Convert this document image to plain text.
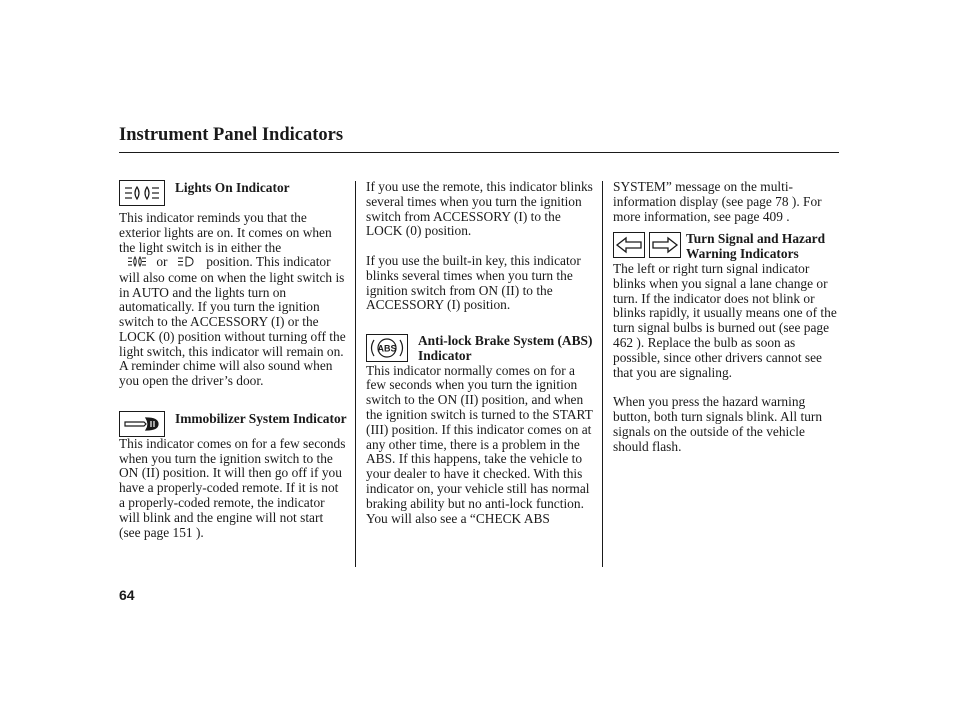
Instrument Panel Indicators
Lights On Indicator

This indicator reminds you that the exterior lights are on. It comes on when the light switch is in either the
or	position. This indicator will also come on when the light switch is in AUTO and the lights turn on automatically. If you turn the ignition switch to the ACCESSORY (I) or the LOCK (0) position without turning off the light switch, this indicator will remain on. A reminder chime will also sound when you open the driver’s door.

Immobilizer System Indicator

This indicator comes on for a few seconds when you turn the ignition switch to the ON (II) position. It will then go off if you have a properly-coded remote. If it is not a properly-coded remote, the indicator will blink and the engine will not start (see page 151 ).

If you use the remote, this indicator blinks several times when you turn the ignition switch from ACCESSORY (I) to the LOCK (0) position.

If you use the built-in key, this indicator blinks several times when you turn the ignition switch from ON (II) to the ACCESSORY (I) position.

ABS
Anti-lock Brake System (ABS) Indicator

This indicator normally comes on for a few seconds when you turn the ignition switch to the ON (II) position, and when the ignition switch is turned to the START (III) position. If this indicator comes on at any other time, there is a problem in the ABS. If this happens, take the vehicle to your dealer to have it checked. With this indicator on, your vehicle still has normal braking ability but no anti-lock function. You will also see a “CHECK ABS

SYSTEM” message on the multi-information display (see page 78 ). For more information, see page 409 .

Turn Signal and Hazard Warning Indicators

The left or right turn signal indicator blinks when you signal a lane change or turn. If the indicator does not blink or blinks rapidly, it usually means one of the turn signal bulbs is burned out (see page 462 ). Replace the bulb as soon as possible, since other drivers cannot see that you are signaling.

When you press the hazard warning button, both turn signals blink. All turn signals on the outside of the vehicle should flash.

64
